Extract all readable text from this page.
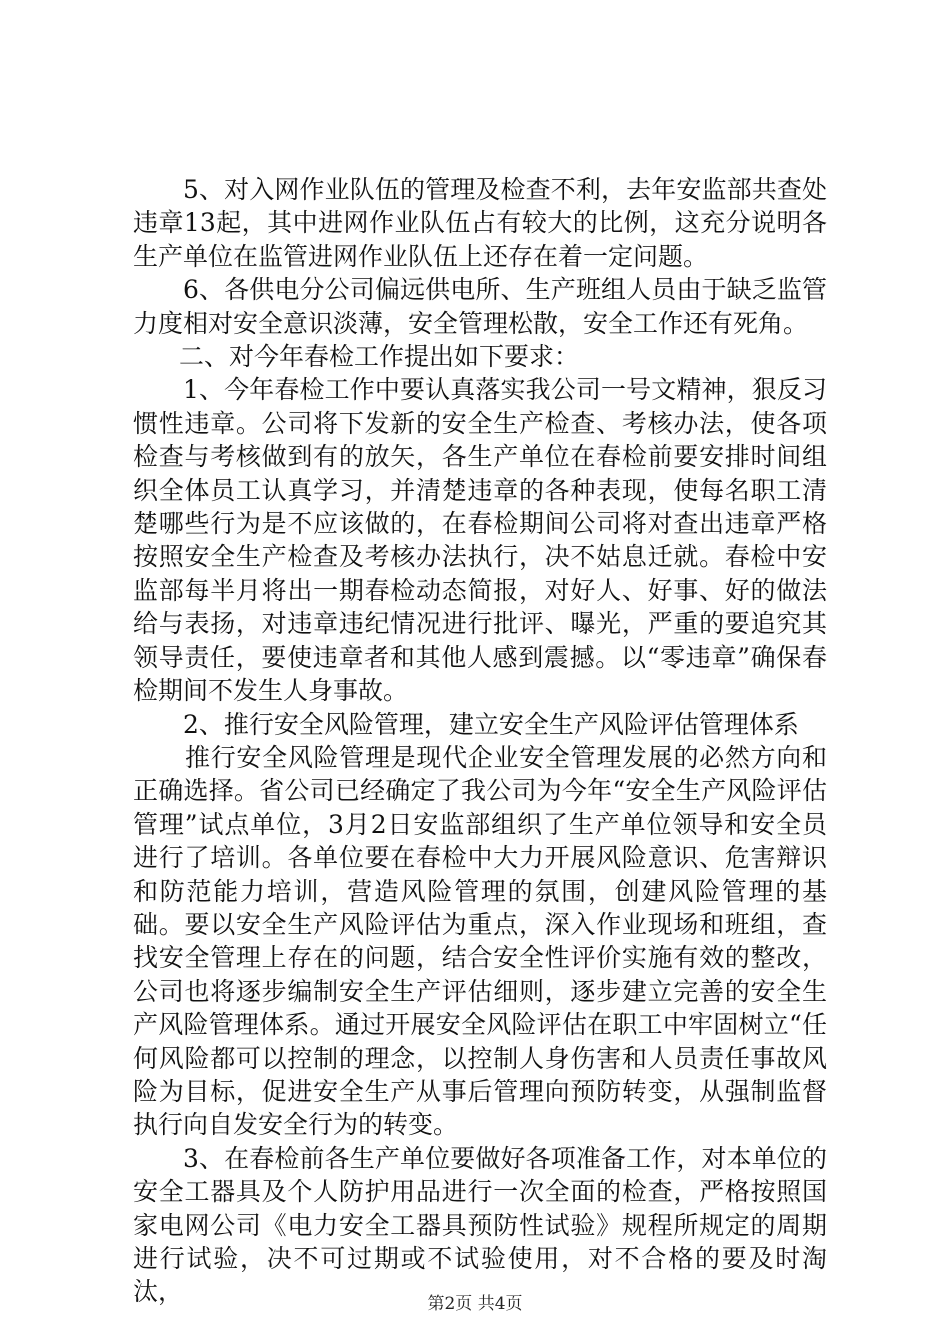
5、对入网作业队伍的管理及检查不利，去年安监部共查处违章13起，其中进网作业队伍占有较大的比例，这充分说明各生产单位在监管进网作业队伍上还存在着一定问题。

6、各供电分公司偏远供电所、生产班组人员由于缺乏监管力度相对安全意识淡薄，安全管理松散，安全工作还有死角。

二、对今年春检工作提出如下要求：

1、今年春检工作中要认真落实我公司一号文精神，狠反习惯性违章。公司将下发新的安全生产检查、考核办法，使各项检查与考核做到有的放矢，各生产单位在春检前要安排时间组织全体员工认真学习，并清楚违章的各种表现，使每名职工清楚哪些行为是不应该做的，在春检期间公司将对查出违章严格按照安全生产检查及考核办法执行，决不姑息迁就。春检中安监部每半月将出一期春检动态简报，对好人、好事、好的做法给与表扬，对违章违纪情况进行批评、曝光，严重的要追究其领导责任，要使违章者和其他人感到震撼。以“零违章”确保春检期间不发生人身事故。

2、推行安全风险管理，建立安全生产风险评估管理体系

推行安全风险管理是现代企业安全管理发展的必然方向和正确选择。省公司已经确定了我公司为今年“安全生产风险评估管理”试点单位，3月2日安监部组织了生产单位领导和安全员进行了培训。各单位要在春检中大力开展风险意识、危害辩识和防范能力培训，营造风险管理的氛围，创建风险管理的基础。要以安全生产风险评估为重点，深入作业现场和班组，查找安全管理上存在的问题，结合安全性评价实施有效的整改，公司也将逐步编制安全生产评估细则，逐步建立完善的安全生产风险管理体系。通过开展安全风险评估在职工中牢固树立“任何风险都可以控制的理念，以控制人身伤害和人员责任事故风险为目标，促进安全生产从事后管理向预防转变，从强制监督执行向自发安全行为的转变。

3、在春检前各生产单位要做好各项准备工作，对本单位的安全工器具及个人防护用品进行一次全面的检查，严格按照国家电网公司《电力安全工器具预防性试验》规程所规定的周期进行试验，决不可过期或不试验使用，对不合格的要及时淘汰，	第2页 共4页
